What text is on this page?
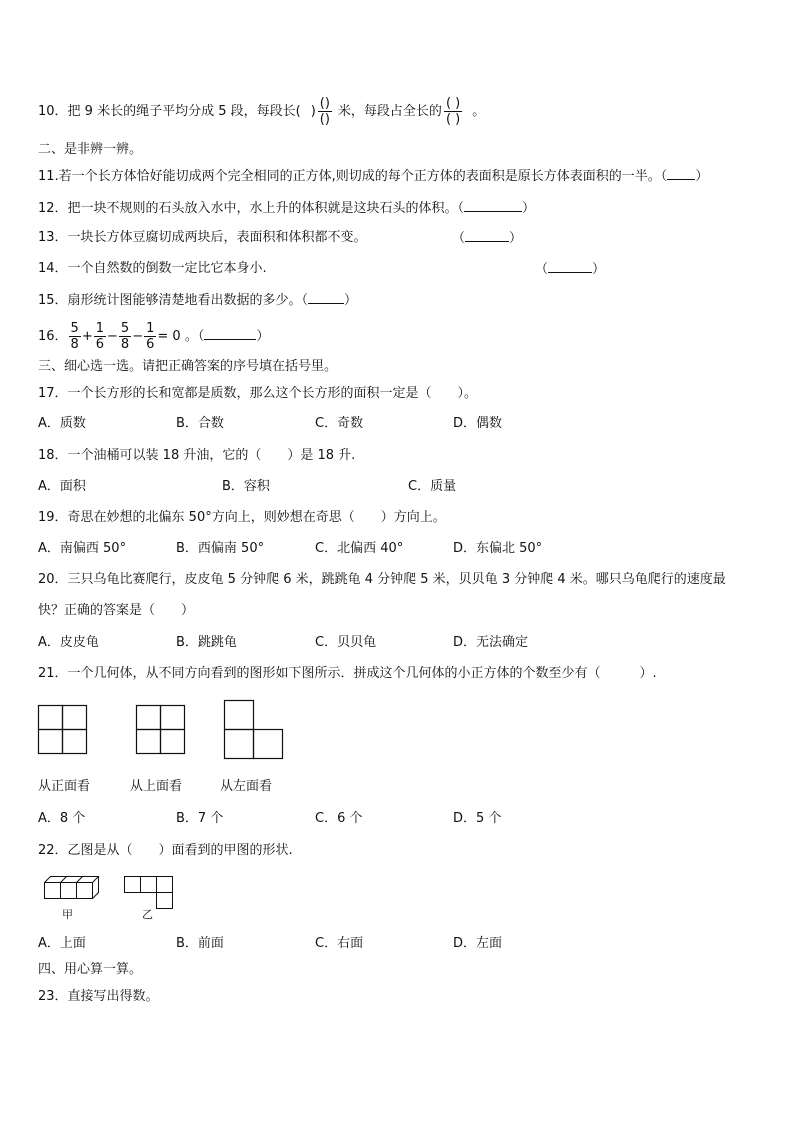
10．把 9 米长的绳子平均分成 5 段，每段长( ) $\frac{()}{()}$ 米，每段占全长的 $\frac{( )}{( )}$ 。
二、是非辨一辨。
11.若一个长方体恰好能切成两个完全相同的正方体,则切成的每个正方体的表面积是原长方体表面积的一半。（ ）
12．把一块不规则的石头放入水中，水上升的体积就是这块石头的体积。（	）
13．一块长方体豆腐切成两块后，表面积和体积都不变。	（	）
14．一个自然数的倒数一定比它本身小.	（	）
15．扇形统计图能够清楚地看出数据的多少。（	）
16． $\frac{5}{8} + \frac{1}{6} - \frac{5}{8} - \frac{1}{6} = 0$ 。（	）
三、细心选一选。请把正确答案的序号填在括号里。
17．一个长方形的长和宽都是质数，那么这个长方形的面积一定是（　　）。
A．质数	B．合数	C．奇数	D．偶数
18．一个油桶可以装 18 升油，它的（　　）是 18 升.
A．面积	B．容积	C．质量
19．奇思在妙想的北偏东 50°方向上，则妙想在奇思（　　）方向上。
A．南偏西 50°	B．西偏南 50°	C．北偏西 40°	D．东偏北 50°
20．三只乌龟比赛爬行，皮皮龟 5 分钟爬 6 米，跳跳龟 4 分钟爬 5 米，贝贝龟 3 分钟爬 4 米。哪只乌龟爬行的速度最
快？正确的答案是（　　）
A．皮皮龟	B．跳跳龟	C．贝贝龟	D．无法确定
21．一个几何体，从不同方向看到的图形如下图所示．拼成这个几何体的小正方体的个数至少有（　　　）.
从正面看	从上面看	从左面看
A．8 个	B．7 个	C．6 个	D．5 个
22．乙图是从（　　）面看到的甲图的形状.
甲	乙
A．上面	B．前面	C．右面	D．左面
四、用心算一算。
23．直接写出得数。
